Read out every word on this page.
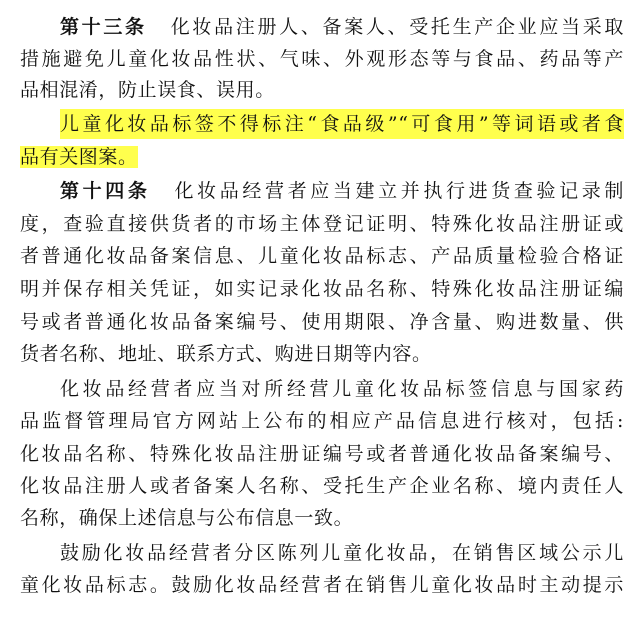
第十三条 化妆品注册人、备案人、受托生产企业应当采取
措施避免儿童化妆品性状、气味、外观形态等与食品、药品等产
品相混淆，防止误食、误用。
儿童化妆品标签不得标注“食品级”“可食用”等词语或者食
品有关图案。
第十四条 化妆品经营者应当建立并执行进货查验记录制
度，查验直接供货者的市场主体登记证明、特殊化妆品注册证或
者普通化妆品备案信息、儿童化妆品标志、产品质量检验合格证
明并保存相关凭证，如实记录化妆品名称、特殊化妆品注册证编
号或者普通化妆品备案编号、使用期限、净含量、购进数量、供
货者名称、地址、联系方式、购进日期等内容。
化妆品经营者应当对所经营儿童化妆品标签信息与国家药
品监督管理局官方网站上公布的相应产品信息进行核对，包括:
化妆品名称、特殊化妆品注册证编号或者普通化妆品备案编号、
化妆品注册人或者备案人名称、受托生产企业名称、境内责任人
名称，确保上述信息与公布信息一致。
鼓励化妆品经营者分区陈列儿童化妆品，在销售区域公示儿
童化妆品标志。鼓励化妆品经营者在销售儿童化妆品时主动提示
